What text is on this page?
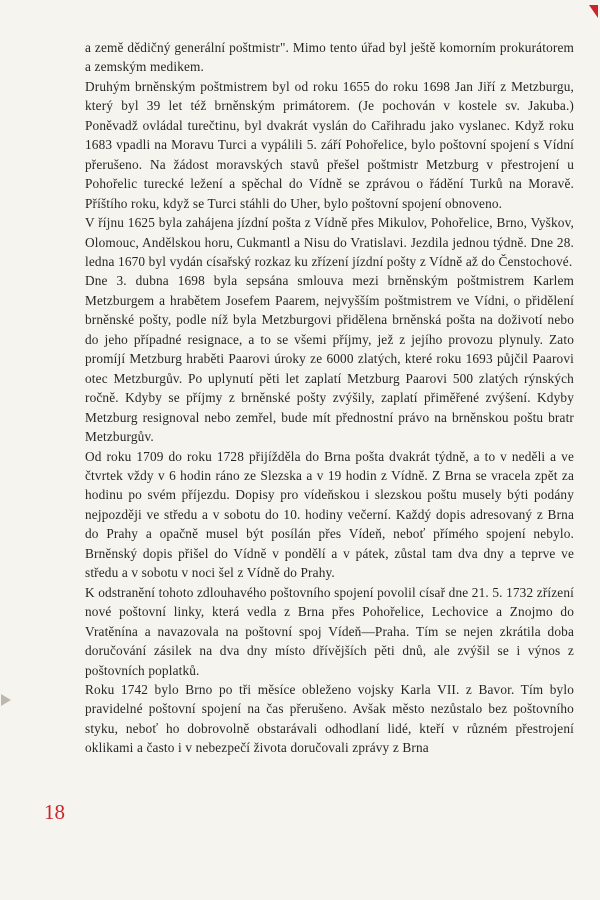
a země dědičný generální poštmistr". Mimo tento úřad byl ještě komorním prokurátorem a zemským medikem.

Druhým brněnským poštmistrem byl od roku 1655 do roku 1698 Jan Jiří z Metzburgu, který byl 39 let též brněnským primátorem. (Je pochován v kostele sv. Jakuba.) Poněvadž ovládal turečtinu, byl dvakrát vyslán do Cařihradu jako vyslanec. Když roku 1683 vpadli na Moravu Turci a vypálili 5. září Pohořelice, bylo poštovní spojení s Vídní přerušeno. Na žádost moravských stavů přešel poštmistr Metzburg v přestrojení u Pohořelic turecké ležení a spěchal do Vídně se zprávou o řádění Turků na Moravě. Příštího roku, když se Turci stáhli do Uher, bylo poštovní spojení obnoveno.

V říjnu 1625 byla zahájena jízdní pošta z Vídně přes Mikulov, Pohořelice, Brno, Vyškov, Olomouc, Andělskou horu, Cukmantl a Nisu do Vratislavi. Jezdila jednou týdně. Dne 28. ledna 1670 byl vydán císařský rozkaz ku zřízení jízdní pošty z Vídně až do Čenstochové.

Dne 3. dubna 1698 byla sepsána smlouva mezi brněnským poštmistrem Karlem Metzburgem a hrabětem Josefem Paarem, nejvyšším poštmistrem ve Vídni, o přidělení brněnské pošty, podle níž byla Metzburgovi přidělena brněnská pošta na doživotí nebo do jeho případné resignace, a to se všemi příjmy, jež z jejího provozu plynuly. Zato promíjí Metzburg hraběti Paarovi úroky ze 6000 zlatých, které roku 1693 půjčil Paarovi otec Metzburgův. Po uplynutí pěti let zaplatí Metzburg Paarovi 500 zlatých rýnských ročně. Kdyby se příjmy z brněnské pošty zvýšily, zaplatí přiměřené zvýšení. Kdyby Metzburg resignoval nebo zemřel, bude mít přednostní právo na brněnskou poštu bratr Metzburgův.

Od roku 1709 do roku 1728 přijížděla do Brna pošta dvakrát týdně, a to v neděli a ve čtvrtek vždy v 6 hodin ráno ze Slezska a v 19 hodin z Vídně. Z Brna se vracela zpět za hodinu po svém příjezdu. Dopisy pro vídeňskou i slezskou poštu musely býti podány nejpozději ve středu a v sobotu do 10. hodiny večerní. Každý dopis adresovaný z Brna do Prahy a opačně musel být posílán přes Vídeň, neboť přímého spojení nebylo. Brněnský dopis přišel do Vídně v pondělí a v pátek, zůstal tam dva dny a teprve ve středu a v sobotu v noci šel z Vídně do Prahy.

K odstranění tohoto zdlouhavého poštovního spojení povolil císař dne 21. 5. 1732 zřízení nové poštovní linky, která vedla z Brna přes Pohořelice, Lechovice a Znojmo do Vratěnína a navazovala na poštovní spoj Vídeň—Praha. Tím se nejen zkrátila doba doručování zásilek na dva dny místo dřívějších pěti dnů, ale zvýšil se i výnos z poštovních poplatků.

Roku 1742 bylo Brno po tři měsíce obleženo vojsky Karla VII. z Bavor. Tím bylo pravidelné poštovní spojení na čas přerušeno. Avšak město nezůstalo bez poštovního styku, neboť ho dobrovolně obstarávali odhodlaní lidé, kteří v různém přestrojení oklikami a často i v nebezpečí života doručovali zprávy z Brna

18
